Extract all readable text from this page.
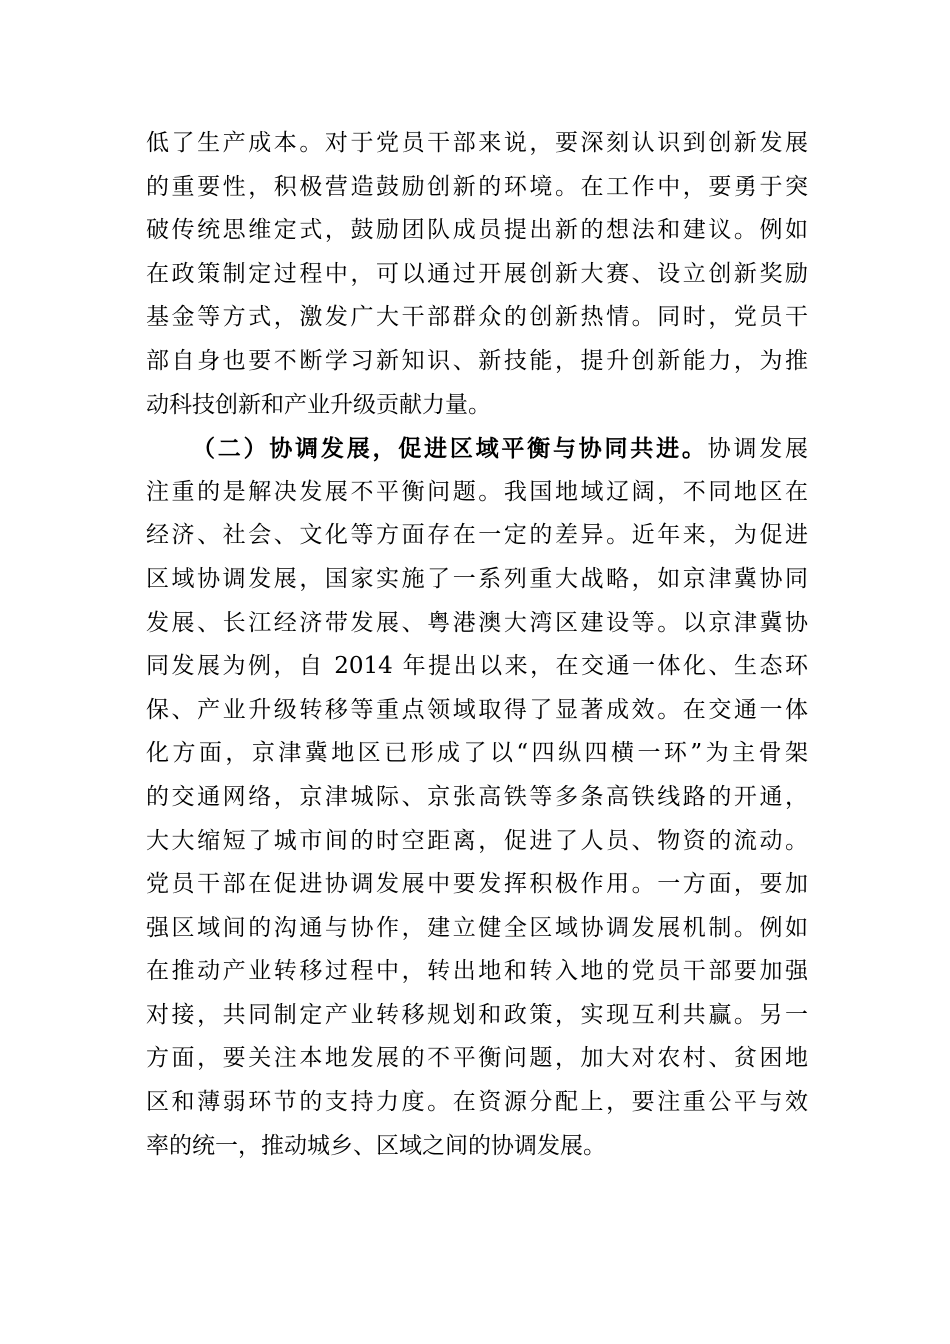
低了生产成本。对于党员干部来说，要深刻认识到创新发展
的重要性，积极营造鼓励创新的环境。在工作中，要勇于突
破传统思维定式，鼓励团队成员提出新的想法和建议。例如
在政策制定过程中，可以通过开展创新大赛、设立创新奖励
基金等方式，激发广大干部群众的创新热情。同时，党员干
部自身也要不断学习新知识、新技能，提升创新能力，为推
动科技创新和产业升级贡献力量。
（二）协调发展，促进区域平衡与协同共进。协调发展
注重的是解决发展不平衡问题。我国地域辽阔，不同地区在
经济、社会、文化等方面存在一定的差异。近年来，为促进
区域协调发展，国家实施了一系列重大战略，如京津冀协同
发展、长江经济带发展、粤港澳大湾区建设等。以京津冀协
同发展为例，自 2014 年提出以来，在交通一体化、生态环
保、产业升级转移等重点领域取得了显著成效。在交通一体
化方面，京津冀地区已形成了以“四纵四横一环”为主骨架
的交通网络，京津城际、京张高铁等多条高铁线路的开通，
大大缩短了城市间的时空距离，促进了人员、物资的流动。
党员干部在促进协调发展中要发挥积极作用。一方面，要加
强区域间的沟通与协作，建立健全区域协调发展机制。例如
在推动产业转移过程中，转出地和转入地的党员干部要加强
对接，共同制定产业转移规划和政策，实现互利共赢。另一
方面，要关注本地发展的不平衡问题，加大对农村、贫困地
区和薄弱环节的支持力度。在资源分配上，要注重公平与效
率的统一，推动城乡、区域之间的协调发展。
